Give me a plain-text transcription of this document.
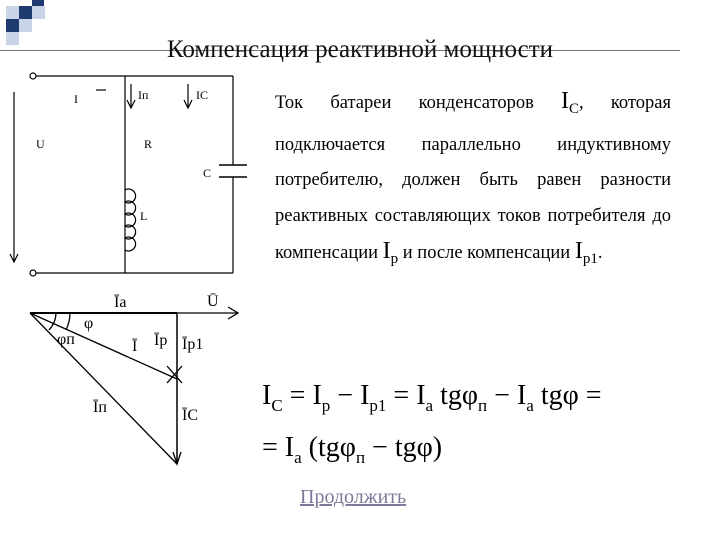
Компенсация реактивной мощности
I	Iп	IC
U	R
C
L
Īа	Ū
φ
φп	Ī Īр Īр1
Īп	ĪC
Ток батареи конденсаторов $I_C$, которая подключается параллельно индуктивному потребителю, должен быть равен разности реактивных составляющих токов потребителя до компенсации $I_р$ и после компенсации $I_{р1}$.
$I_C = I_р - I_{р1} = I_а$ $tg\varphi_п - I_а$ tgφ =
= $I_а$ (tgφ$_п$ − tgφ)
Продолжить
